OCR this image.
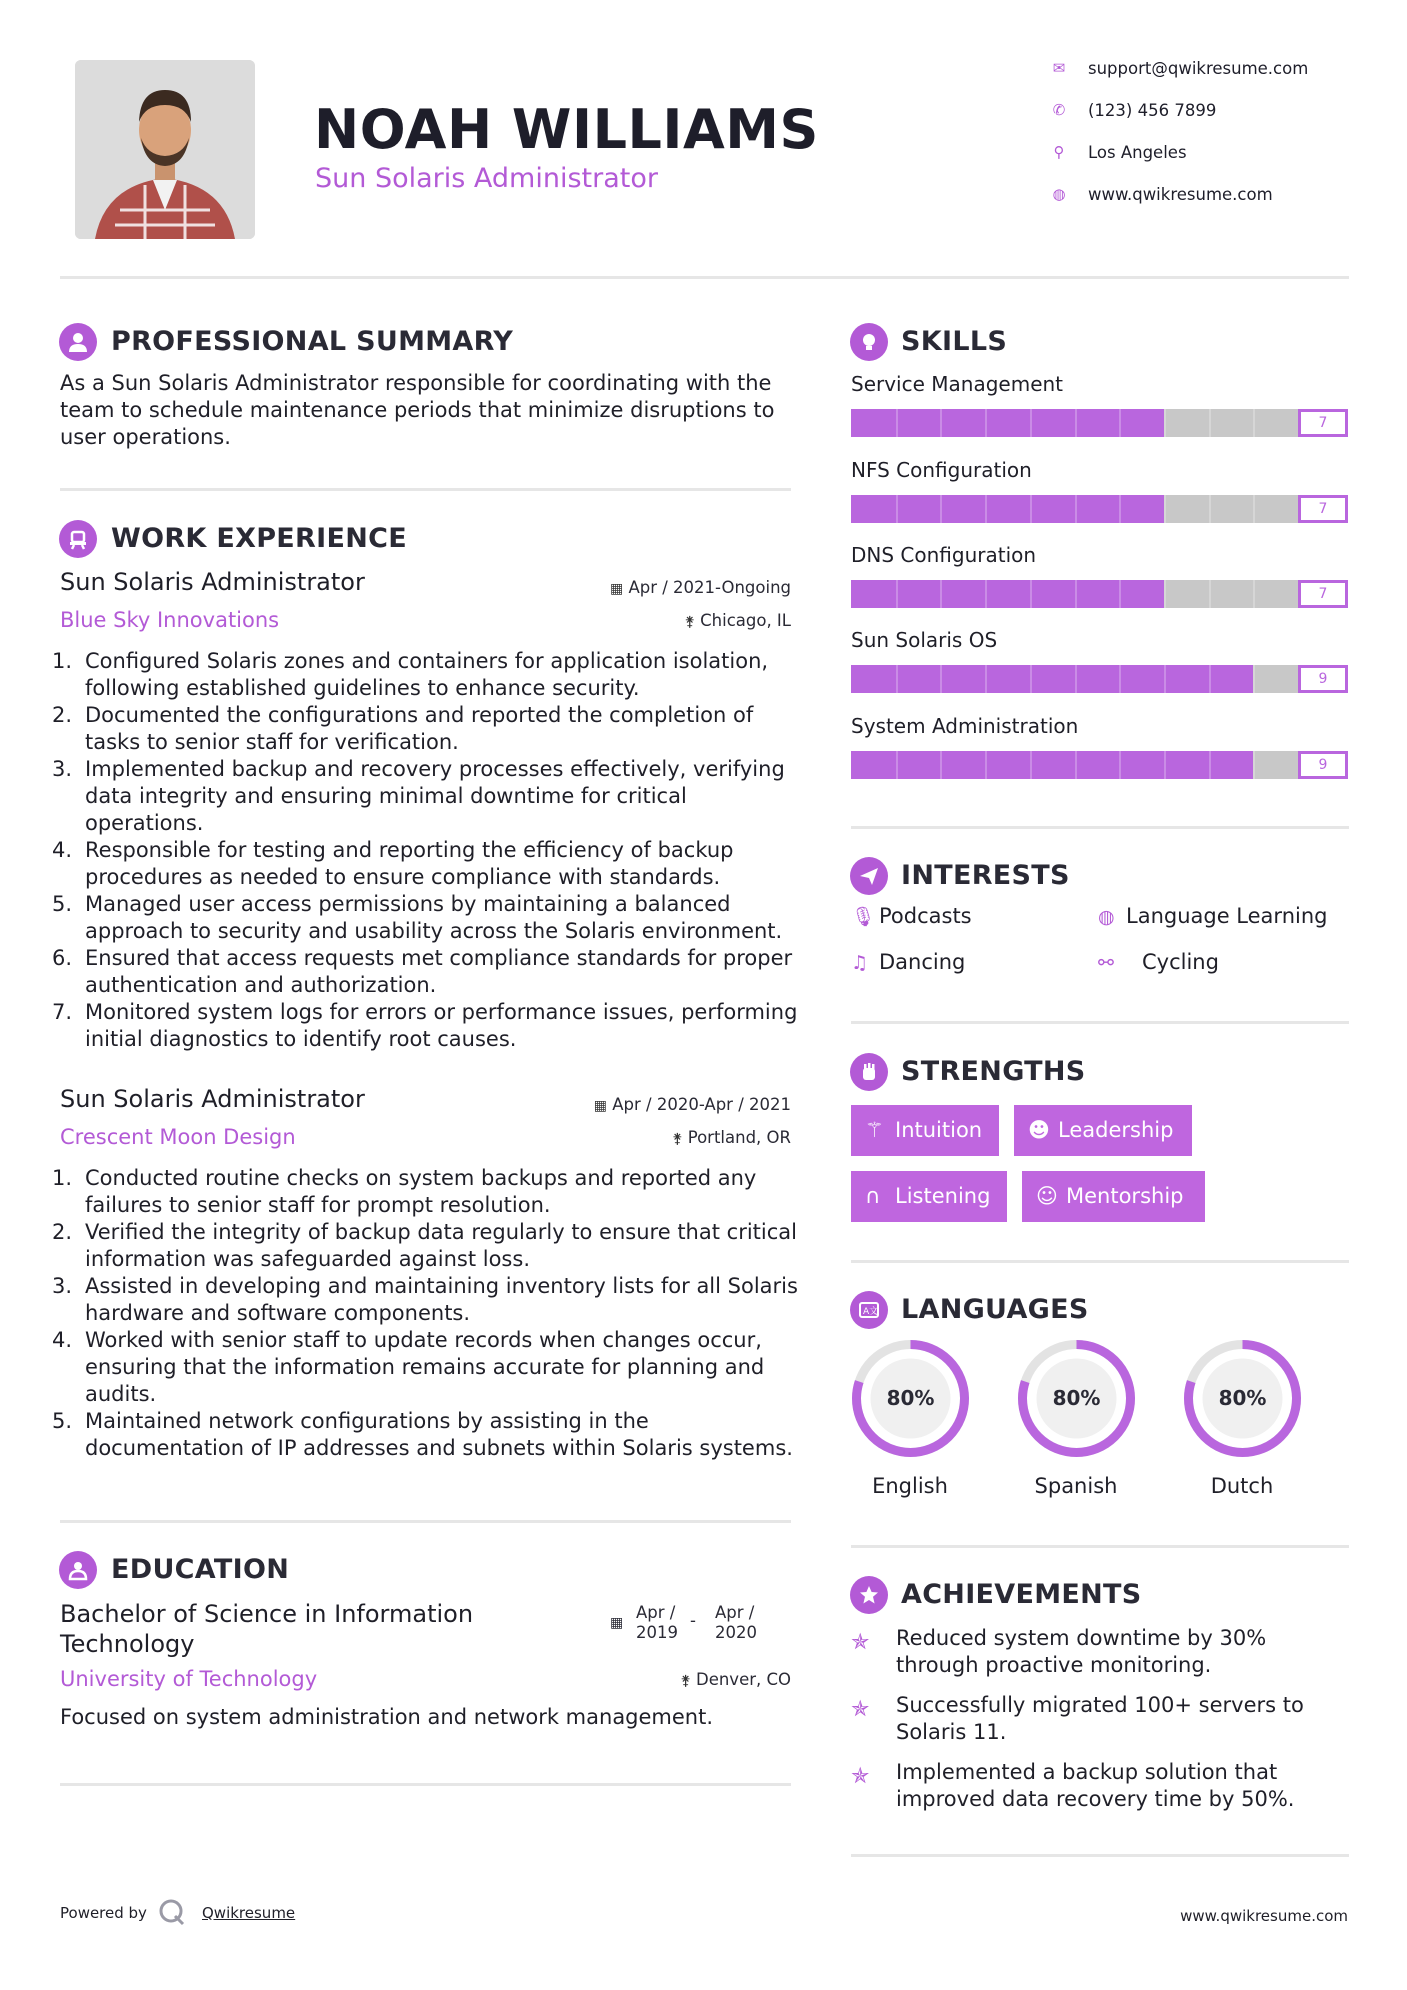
NOAH WILLIAMS
Sun Solaris Administrator
✉ support@qwikresume.com
✆ (123) 456 7899
⚲ Los Angeles
◍ www.qwikresume.com
PROFESSIONAL SUMMARY
As a Sun Solaris Administrator responsible for coordinating with the team to schedule maintenance periods that minimize disruptions to user operations.
WORK EXPERIENCE
Sun Solaris Administrator	▦ Apr / 2021-Ongoing
Blue Sky Innovations	⚵ Chicago, IL
Configured Solaris zones and containers for application isolation, following established guidelines to enhance security.
Documented the configurations and reported the completion of tasks to senior staff for verification.
Implemented backup and recovery processes effectively, verifying data integrity and ensuring minimal downtime for critical operations.
Responsible for testing and reporting the efficiency of backup procedures as needed to ensure compliance with standards.
Managed user access permissions by maintaining a balanced approach to security and usability across the Solaris environment.
Ensured that access requests met compliance standards for proper authentication and authorization.
Monitored system logs for errors or performance issues, performing initial diagnostics to identify root causes.
Sun Solaris Administrator	▦ Apr / 2020-Apr / 2021
Crescent Moon Design	⚵ Portland, OR
Conducted routine checks on system backups and reported any failures to senior staff for prompt resolution.
Verified the integrity of backup data regularly to ensure that critical information was safeguarded against loss.
Assisted in developing and maintaining inventory lists for all Solaris hardware and software components.
Worked with senior staff to update records when changes occur, ensuring that the information remains accurate for planning and audits.
Maintained network configurations by assisting in the documentation of IP addresses and subnets within Solaris systems.
EDUCATION
Bachelor of Science in Information Technology
▦
Apr /
2019
- Apr /
2020
University of Technology	⚵ Denver, CO
Focused on system administration and network management.
SKILLS
Service Management
7
NFS Configuration
7
DNS Configuration
7
Sun Solaris OS
9
System Administration
9
INTERESTS
🎙︎ Podcasts	◍ Language Learning
♫ Dancing	⚯ Cycling
STRENGTHS
⚚ Intuition	☻ Leadership
∩ Listening	☺ Mentorship
A文 LANGUAGES
80%
English
80%
Spanish
80%
Dutch
ACHIEVEMENTS
✯ Reduced system downtime by 30% through proactive monitoring.
✯ Successfully migrated 100+ servers to Solaris 11.
✯ Implemented a backup solution that improved data recovery time by 50%.
Powered by	Qwikresume	www.qwikresume.com
